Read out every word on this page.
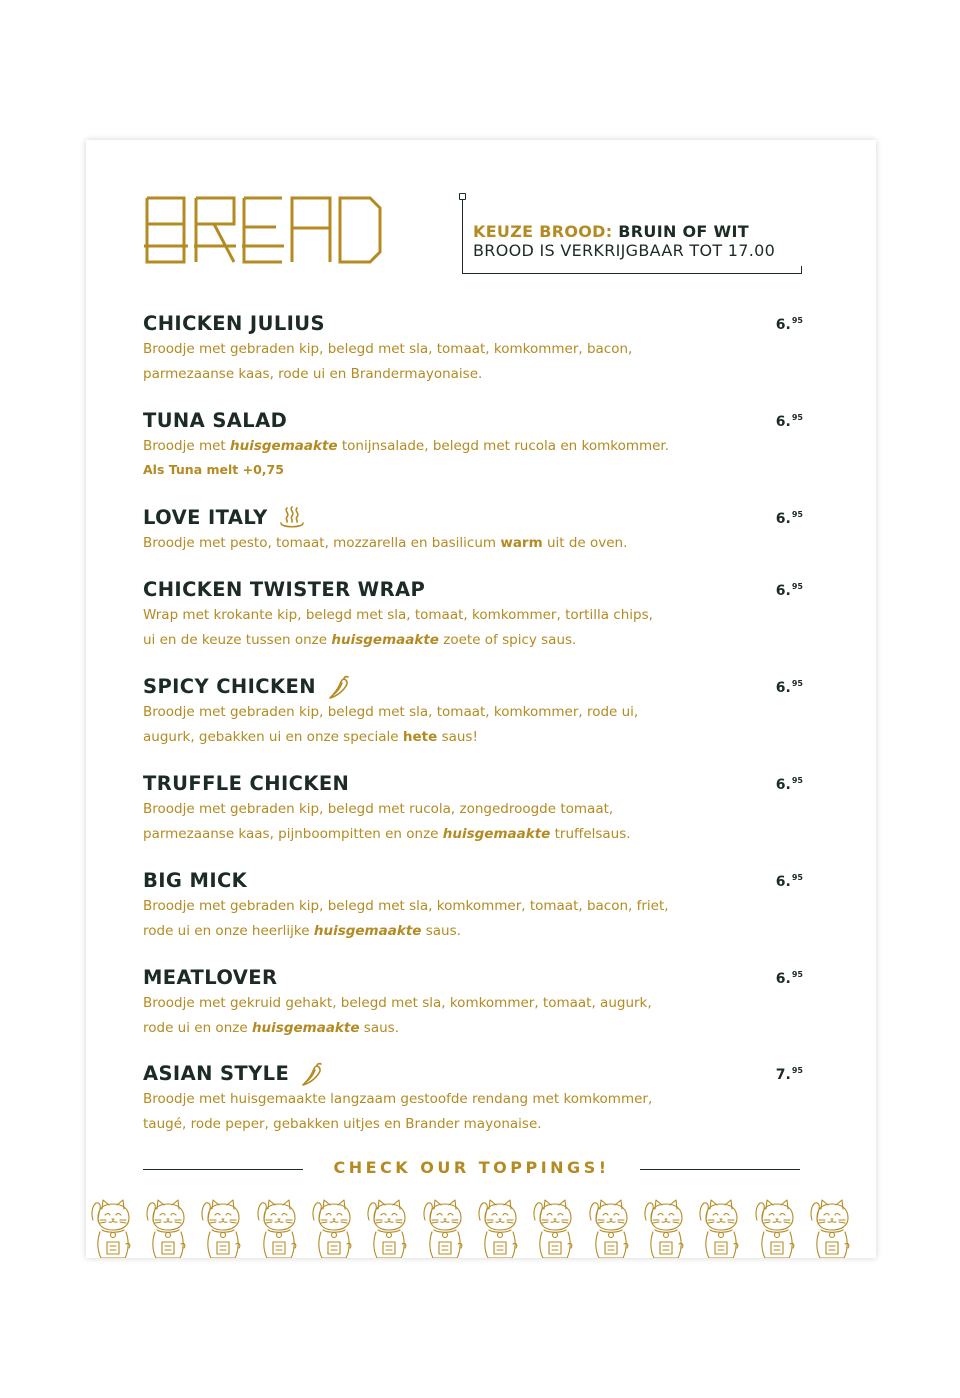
KEUZE BROOD: BRUIN OF WIT
BROOD IS VERKRIJGBAAR TOT 17.00
CHICKEN JULIUS	6.95
Broodje met gebraden kip, belegd met sla, tomaat, komkommer, bacon,
parmezaanse kaas, rode ui en Brandermayonaise.
TUNA SALAD	6.95
Broodje met huisgemaakte tonijnsalade, belegd met rucola en komkommer.
Als Tuna melt +0,75
LOVE ITALY	6.95
Broodje met pesto, tomaat, mozzarella en basilicum warm uit de oven.
CHICKEN TWISTER WRAP	6.95
Wrap met krokante kip, belegd met sla, tomaat, komkommer, tortilla chips,
ui en de keuze tussen onze huisgemaakte zoete of spicy saus.
SPICY CHICKEN	6.95
Broodje met gebraden kip, belegd met sla, tomaat, komkommer, rode ui,
augurk, gebakken ui en onze speciale hete saus!
TRUFFLE CHICKEN	6.95
Broodje met gebraden kip, belegd met rucola, zongedroogde tomaat,
parmezaanse kaas, pijnboompitten en onze huisgemaakte truffelsaus.
BIG MICK	6.95
Broodje met gebraden kip, belegd met sla, komkommer, tomaat, bacon, friet,
rode ui en onze heerlijke huisgemaakte saus.
MEATLOVER	6.95
Broodje met gekruid gehakt, belegd met sla, komkommer, tomaat, augurk,
rode ui en onze huisgemaakte saus.
ASIAN STYLE	7.95
Broodje met huisgemaakte langzaam gestoofde rendang met komkommer,
taugé, rode peper, gebakken uitjes en Brander mayonaise.
CHECK OUR TOPPINGS!
